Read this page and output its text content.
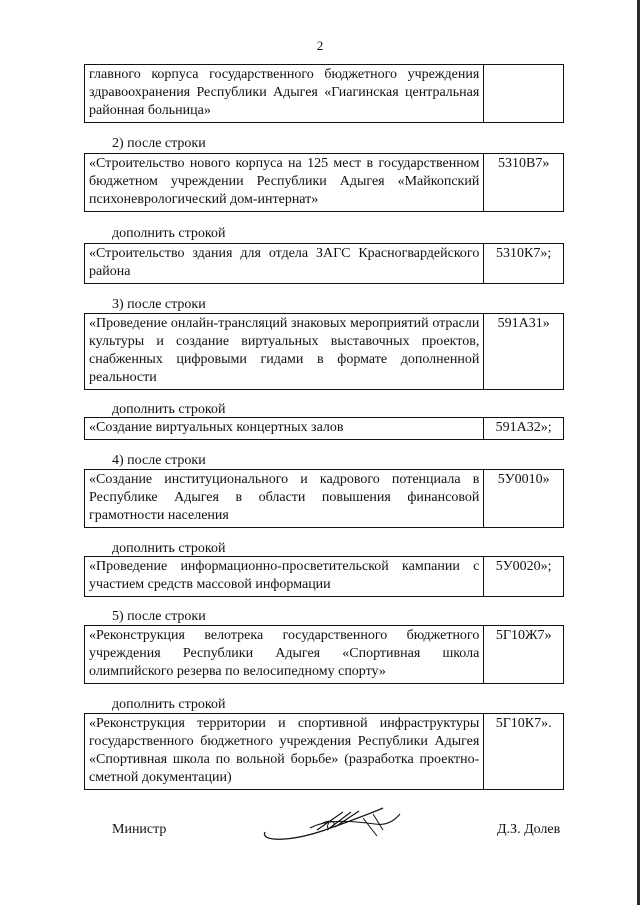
2
главного корпуса государственного бюджетного учреждения здравоохранения Республики Адыгея «Гиагинская центральная районная больница»	
2) после строки
«Строительство нового корпуса на 125 мест в государственном бюджетном учреждении Республики Адыгея «Майкопский психоневрологический дом-интернат»	5310В7»
дополнить строкой
«Строительство здания для отдела ЗАГС Красногвардейского района	5310К7»;
3) после строки
«Проведение онлайн-трансляций знаковых мероприятий отрасли культуры и создание виртуальных выставочных проектов, снабженных цифровыми гидами в формате дополненной реальности	591А31»
дополнить строкой
«Создание виртуальных концертных залов	591А32»;
4) после строки
«Создание институционального и кадрового потенциала в Республике Адыгея в области повышения финансовой грамотности населения	5У0010»
дополнить строкой
«Проведение информационно-просветительской кампании с участием средств массовой информации	5У0020»;
5) после строки
«Реконструкция велотрека государственного бюджетного учреждения Республики Адыгея «Спортивная школа олимпийского резерва по велосипедному спорту»	5Г10Ж7»
дополнить строкой
«Реконструкция территории и спортивной инфраструктуры государственного бюджетного учреждения Республики Адыгея «Спортивная школа по вольной борьбе» (разработка проектно-сметной документации)	5Г10К7».
Министр	Д.З. Долев
